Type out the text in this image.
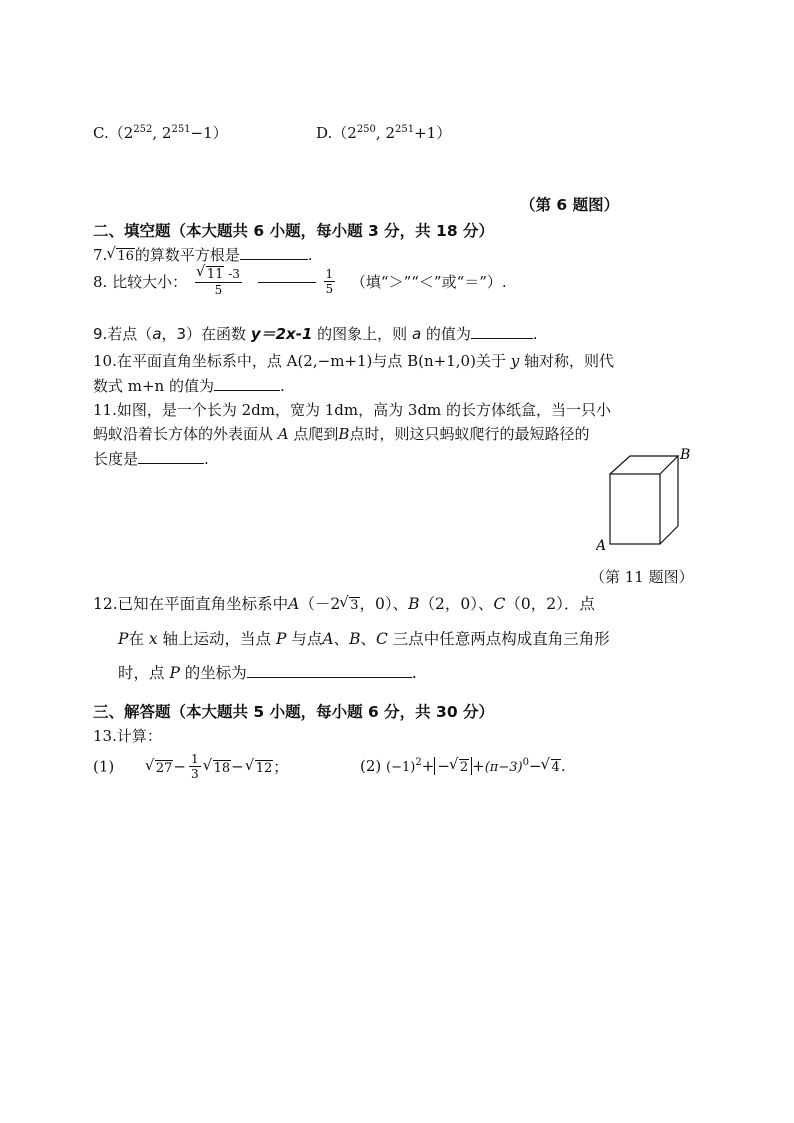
$C.(2^{252}$, $2^{251}-1$）	$D.(2^{250}$, $2^{251}+1$）
（第 6 题图）
二、填空题（本大题共 6 小题，每小题 3 分，共 18 分）
7.√ 16的算数平方根是	.
8. 比较大小：
√ $\frac{11 -3}{5}$
	$\frac{1}{5}$ （填“＞”“＜”或“＝”）.
9.若点（a，3）在函数 y＝2x-1 的图象上，则 a 的值为	.
10.在平面直角坐标系中，点 A(2,−m+1)与点 B(n+1,0)关于 y 轴对称，则代
数式 m+n 的值为	.
11.如图，是一个长为 2dm，宽为 1dm，高为 3dm 的长方体纸盒，当一只小
蚂蚁沿着长方体的外表面从 A 点爬到B点时，则这只蚂蚁爬行的最短路径的
长度是	.
A
B
（第 11 题图）
12.已知在平面直角坐标系中A（－2√ 3，0）、B（2，0）、C（0，2）．点
P在 x 轴上运动，当点 P 与点A、B、C 三点中任意两点构成直角三角形
时，点 P 的坐标为	.
三、解答题（本大题共 5 小题，每小题 6 分，共 30 分）
13.计算：
(1)  √	$27- \frac{1}{3}$
√ 18−√ 12；	(2) $(-1)^2+$ −√ $2 +(\pi-3)^0-√$ 4.
